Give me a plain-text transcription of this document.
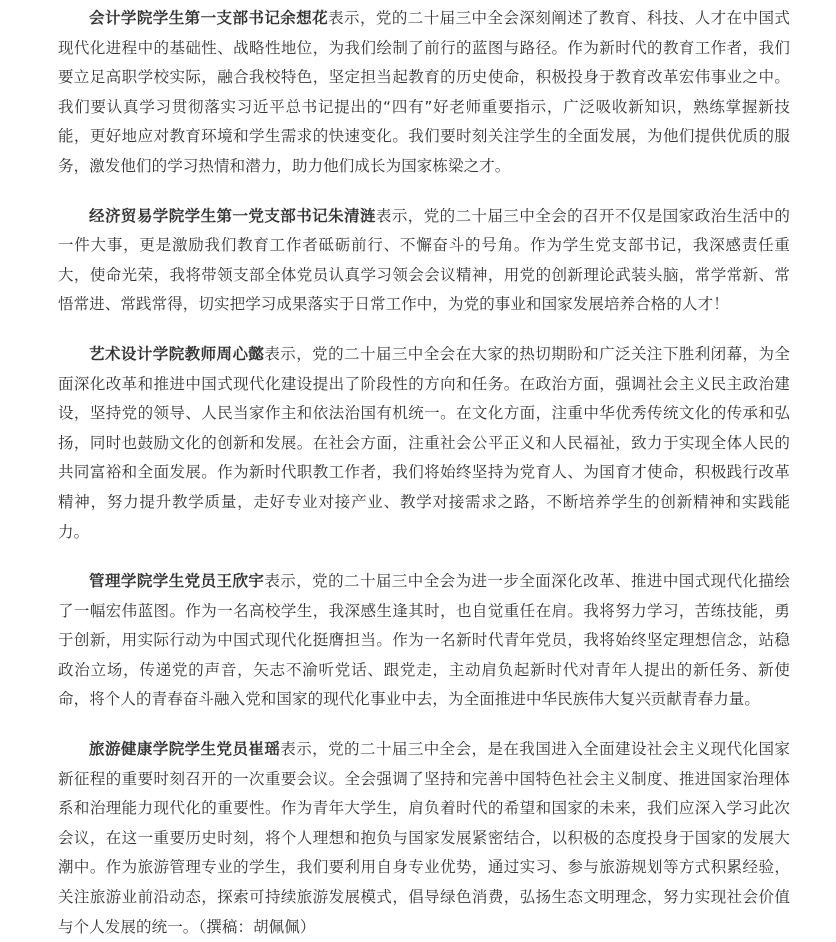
会计学院学生第一支部书记余想花表示，党的二十届三中全会深刻阐述了教育、科技、人才在中国式现代化进程中的基础性、战略性地位，为我们绘制了前行的蓝图与路径。作为新时代的教育工作者，我们要立足高职学校实际，融合我校特色，坚定担当起教育的历史使命，积极投身于教育改革宏伟事业之中。我们要认真学习贯彻落实习近平总书记提出的“四有”好老师重要指示，广泛吸收新知识，熟练掌握新技能，更好地应对教育环境和学生需求的快速变化。我们要时刻关注学生的全面发展，为他们提供优质的服务，激发他们的学习热情和潜力，助力他们成长为国家栋梁之才。

经济贸易学院学生第一党支部书记朱清涟表示，党的二十届三中全会的召开不仅是国家政治生活中的一件大事，更是激励我们教育工作者砥砺前行、不懈奋斗的号角。作为学生党支部书记，我深感责任重大，使命光荣，我将带领支部全体党员认真学习领会会议精神，用党的创新理论武装头脑，常学常新、常悟常进、常践常得，切实把学习成果落实于日常工作中，为党的事业和国家发展培养合格的人才！

艺术设计学院教师周心懿表示，党的二十届三中全会在大家的热切期盼和广泛关注下胜利闭幕，为全面深化改革和推进中国式现代化建设提出了阶段性的方向和任务。在政治方面，强调社会主义民主政治建设，坚持党的领导、人民当家作主和依法治国有机统一。在文化方面，注重中华优秀传统文化的传承和弘扬，同时也鼓励文化的创新和发展。在社会方面，注重社会公平正义和人民福祉，致力于实现全体人民的共同富裕和全面发展。作为新时代职教工作者，我们将始终坚持为党育人、为国育才使命，积极践行改革精神，努力提升教学质量，走好专业对接产业、教学对接需求之路，不断培养学生的创新精神和实践能力。

管理学院学生党员王欣宇表示，党的二十届三中全会为进一步全面深化改革、推进中国式现代化描绘了一幅宏伟蓝图。作为一名高校学生，我深感生逢其时，也自觉重任在肩。我将努力学习，苦练技能，勇于创新，用实际行动为中国式现代化挺膺担当。作为一名新时代青年党员，我将始终坚定理想信念，站稳政治立场，传递党的声音，矢志不渝听党话、跟党走，主动肩负起新时代对青年人提出的新任务、新使命，将个人的青春奋斗融入党和国家的现代化事业中去，为全面推进中华民族伟大复兴贡献青春力量。

旅游健康学院学生党员崔瑶表示，党的二十届三中全会，是在我国进入全面建设社会主义现代化国家新征程的重要时刻召开的一次重要会议。全会强调了坚持和完善中国特色社会主义制度、推进国家治理体系和治理能力现代化的重要性。作为青年大学生，肩负着时代的希望和国家的未来，我们应深入学习此次会议，在这一重要历史时刻，将个人理想和抱负与国家发展紧密结合，以积极的态度投身于国家的发展大潮中。作为旅游管理专业的学生，我们要利用自身专业优势，通过实习、参与旅游规划等方式积累经验，关注旅游业前沿动态，探索可持续旅游发展模式，倡导绿色消费，弘扬生态文明理念，努力实现社会价值与个人发展的统一。（撰稿：胡佩佩）
